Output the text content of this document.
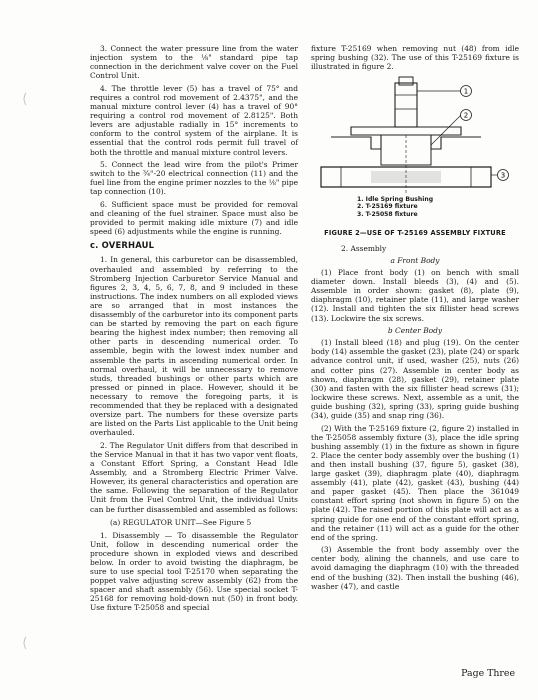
3. Connect the water pressure line from the water injection system to the ⅛" standard pipe tap connection in the derichment valve cover on the Fuel Control Unit.

4. The throttle lever (5) has a travel of 75° and requires a control rod movement of 2.4375", and the manual mixture control lever (4) has a travel of 90° requiring a control rod movement of 2.8125". Both levers are adjustable radially in 15° increments to conform to the control system of the airplane. It is essential that the control rods permit full travel of both the throttle and manual mixture control levers.

5. Connect the lead wire from the pilot's Primer switch to the ¾"-20 electrical connection (11) and the fuel line from the engine primer nozzles to the ⅛" pipe tap connection (10).

6. Sufficient space must be provided for removal and cleaning of the fuel strainer. Space must also be provided to permit making idle mixture (7) and idle speed (6) adjustments while the engine is running.

c. OVERHAUL

1. In general, this carburetor can be disassembled, overhauled and assembled by referring to the Stromberg Injection Carburetor Service Manual and figures 2, 3, 4, 5, 6, 7, 8, and 9 included in these instructions. The index numbers on all exploded views are so arranged that in most instances the disassembly of the carburetor into its component parts can be started by removing the part on each figure bearing the highest index number; then removing all other parts in descending numerical order. To assemble, begin with the lowest index number and assemble the parts in ascending numerical order. In normal overhaul, it will be unnecessary to remove studs, threaded bushings or other parts which are pressed or pinned in place. However, should it be necessary to remove the foregoing parts, it is recommended that they be replaced with a designated oversize part. The numbers for these oversize parts are listed on the Parts List applicable to the Unit being overhauled.

2. The Regulator Unit differs from that described in the Service Manual in that it has two vapor vent floats, a Constant Effort Spring, a Constant Head Idle Assembly, and a Stromberg Electric Primer Valve. However, its general characteristics and operation are the same. Following the separation of the Regulator Unit from the Fuel Control Unit, the individual Units can be further disassembled and assembled as follows:

(a) REGULATOR UNIT—See Figure 5

1. Disassembly — To disassemble the Regulator Unit, follow in descending numerical order the procedure shown in exploded views and described below. In order to avoid twisting the diaphragm, be sure to use special tool T-25170 when separating the poppet valve adjusting screw assembly (62) from the spacer and shaft assembly (56). Use special socket T-25168 for removing hold-down nut (50) in front body. Use fixture T-25058 and special

fixture T-25169 when removing nut (48) from idle spring bushing (32). The use of this T-25169 fixture is illustrated in figure 2.

1
2
3
1. Idle Spring Bushing
2. T-25169 fixture
3. T-25058 fixture
FIGURE 2—USE OF T-25169 ASSEMBLY FIXTURE

2. Assembly

a Front Body

(1) Place front body (1) on bench with small diameter down. Install bleeds (3), (4) and (5). Assemble in order shown: gasket (8), plate (9), diaphragm (10), retainer plate (11), and large washer (12). Install and tighten the six fillister head screws (13). Lockwire the six screws.

b Center Body

(1) Install bleed (18) and plug (19). On the center body (14) assemble the gasket (23), plate (24) or spark advance control unit, if used, washer (25), nuts (26) and cotter pins (27). Assemble in center body as shown, diaphragm (28), gasket (29), retainer plate (30) and fasten with the six fillister head screws (31); lockwire these screws. Next, assemble as a unit, the guide bushing (32), spring (33), spring guide bushing (34), guide (35) and snap ring (36).

(2) With the T-25169 fixture (2, figure 2) installed in the T-25058 assembly fixture (3), place the idle spring bushing assembly (1) in the fixture as shown in figure 2. Place the center body assembly over the bushing (1) and then install bushing (37, figure 5), gasket (38), large gasket (39), diaphragm plate (40), diaphragm assembly (41), plate (42), gasket (43), bushing (44) and paper gasket (45). Then place the 361049 constant effort spring (not shown in figure 5) on the plate (42). The raised portion of this plate will act as a spring guide for one end of the constant effort spring, and the retainer (11) will act as a guide for the other end of the spring.

(3) Assemble the front body assembly over the center body, alining the channels, and use care to avoid damaging the diaphragm (10) with the threaded end of the bushing (32). Then install the bushing (46), washer (47), and castle

Page Three
